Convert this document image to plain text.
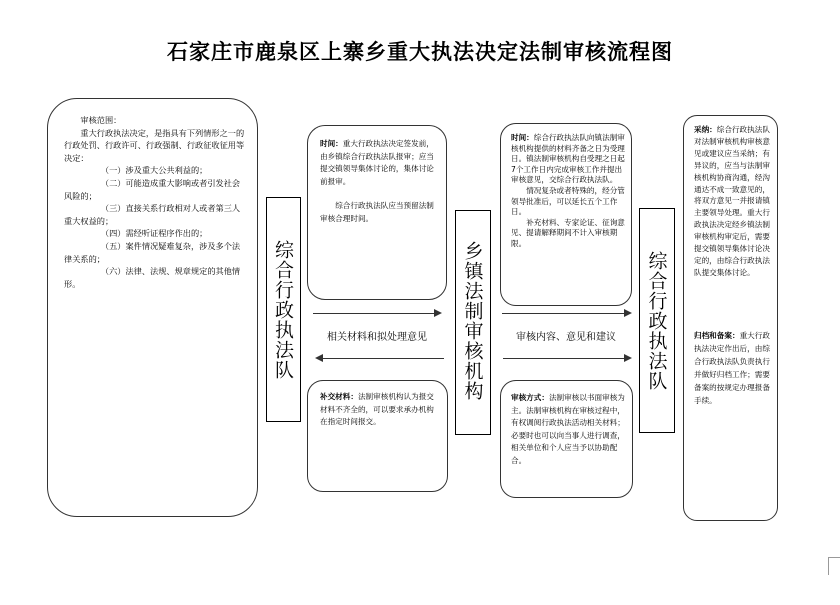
石家庄市鹿泉区上寨乡重大执法决定法制审核流程图

审核范围：

重大行政执法决定，是指具有下列情形之一的行政处罚、行政许可、行政强制、行政征收征用等决定：

（一）涉及重大公共利益的；

（二）可能造成重大影响或者引发社会风险的；

（三）直接关系行政相对人或者第三人重大权益的；

（四）需经听证程序作出的；

（五）案件情况疑难复杂，涉及多个法律关系的；

（六）法律、法规、规章规定的其他情形。	综合行政执法队	乡镇法制审核机构	综合行政执法队

时间：重大行政执法决定签发前，由乡镇综合行政执法队报审；应当提交镇领导集体讨论的，集体讨论前报审。

综合行政执法队应当预留法制审核合理时间。

相关材料和拟处理意见

补交材料：法制审核机构认为报交材料不齐全的，可以要求承办机构在指定时间报交。

时间：综合行政执法队向镇法制审核机构提供的材料齐备之日为受理日。镇法制审核机构自受理之日起7个工作日内完成审核工作并提出审核意见，交综合行政执法队。

情况复杂或者特殊的，经分管领导批准后，可以延长五个工作日。

补充材料、专家论证、征询意见、提请解释期间不计入审核期限。

审核内容、意见和建议

审核方式：法制审核以书面审核为主。法制审核机构在审核过程中，有权调阅行政执法活动相关材料；必要时也可以向当事人进行调查，相关单位和个人应当予以协助配合。

采纳：综合行政执法队对法制审核机构审核意见或建议应当采纳；有异议的，应当与法制审核机构协商沟通，经沟通达不成一致意见的，将双方意见一并报请镇主要领导处理。重大行政执法决定经乡镇法制审核机构审定后，需要提交镇领导集体讨论决定的，由综合行政执法队提交集体讨论。

归档和备案：重大行政执法决定作出后，由综合行政执法队负责执行并做好归档工作；需要备案的按规定办理报备手续。
